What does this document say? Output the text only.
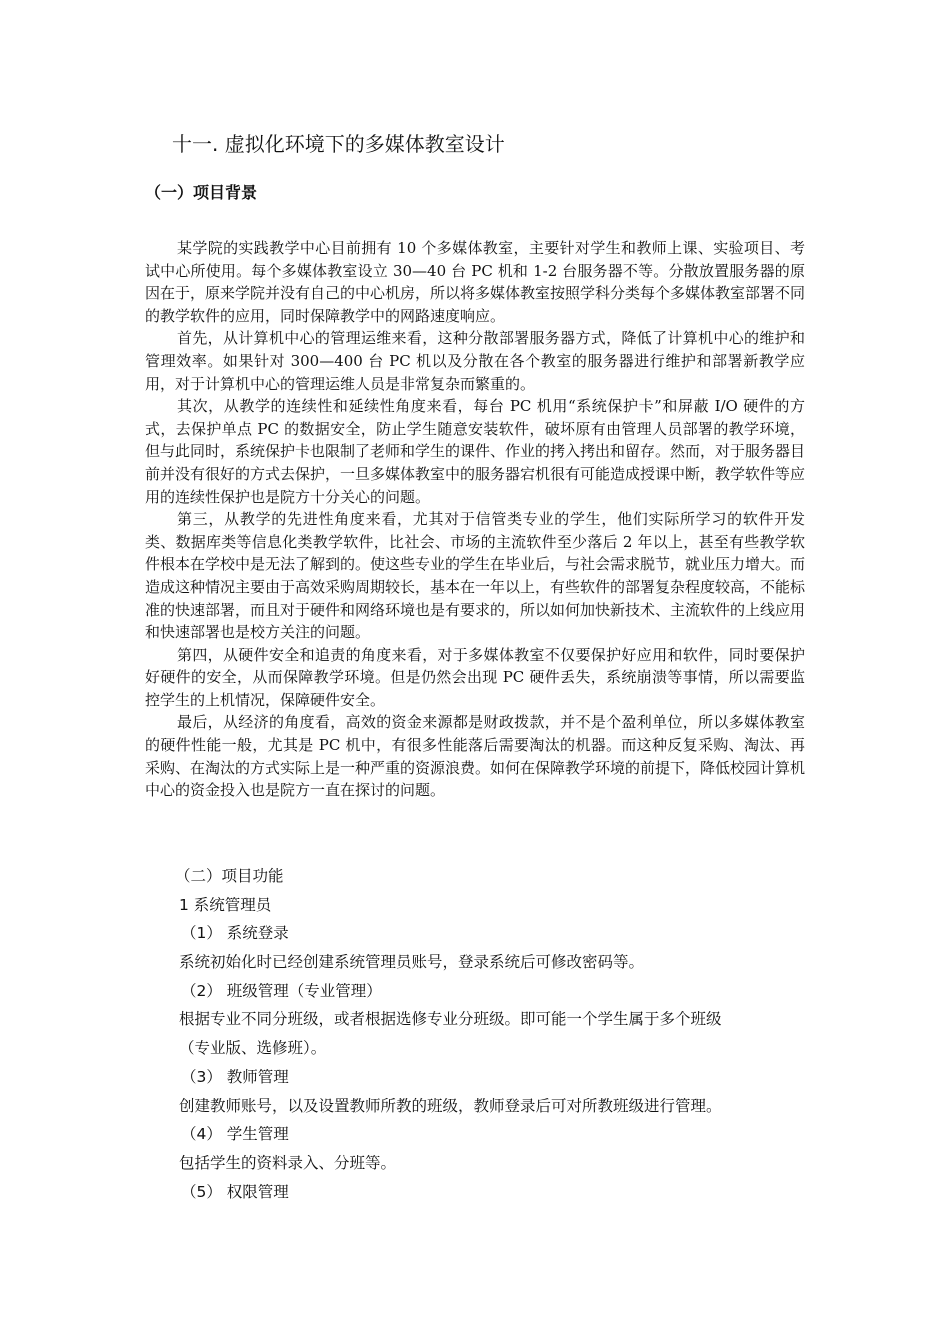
十一. 虚拟化环境下的多媒体教室设计
（一）项目背景

某学院的实践教学中心目前拥有 10 个多媒体教室，主要针对学生和教师上课、实验项目、考试中心所使用。每个多媒体教室设立 30—40 台 PC 机和 1-2 台服务器不等。分散放置服务器的原因在于，原来学院并没有自己的中心机房，所以将多媒体教室按照学科分类每个多媒体教室部署不同的教学软件的应用，同时保障教学中的网路速度响应。

首先，从计算机中心的管理运维来看，这种分散部署服务器方式，降低了计算机中心的维护和管理效率。如果针对 300—400 台 PC 机以及分散在各个教室的服务器进行维护和部署新教学应用，对于计算机中心的管理运维人员是非常复杂而繁重的。

其次，从教学的连续性和延续性角度来看，每台 PC 机用“系统保护卡”和屏蔽 I/O 硬件的方式，去保护单点 PC 的数据安全，防止学生随意安装软件，破坏原有由管理人员部署的教学环境，但与此同时，系统保护卡也限制了老师和学生的课件、作业的拷入拷出和留存。然而，对于服务器目前并没有很好的方式去保护，一旦多媒体教室中的服务器宕机很有可能造成授课中断，教学软件等应用的连续性保护也是院方十分关心的问题。

第三，从教学的先进性角度来看，尤其对于信管类专业的学生，他们实际所学习的软件开发类、数据库类等信息化类教学软件，比社会、市场的主流软件至少落后 2 年以上，甚至有些教学软件根本在学校中是无法了解到的。使这些专业的学生在毕业后，与社会需求脱节，就业压力增大。而造成这种情况主要由于高效采购周期较长，基本在一年以上，有些软件的部署复杂程度较高，不能标准的快速部署，而且对于硬件和网络环境也是有要求的，所以如何加快新技术、主流软件的上线应用和快速部署也是校方关注的问题。

第四，从硬件安全和追责的角度来看，对于多媒体教室不仅要保护好应用和软件，同时要保护好硬件的安全，从而保障教学环境。但是仍然会出现 PC 硬件丢失，系统崩溃等事情，所以需要监控学生的上机情况，保障硬件安全。

最后，从经济的角度看，高效的资金来源都是财政拨款，并不是个盈利单位，所以多媒体教室的硬件性能一般，尤其是 PC 机中，有很多性能落后需要淘汰的机器。而这种反复采购、淘汰、再采购、在淘汰的方式实际上是一种严重的资源浪费。如何在保障教学环境的前提下，降低校园计算机中心的资金投入也是院方一直在探讨的问题。

（二）项目功能
1 系统管理员
（1） 系统登录
系统初始化时已经创建系统管理员账号，登录系统后可修改密码等。
（2） 班级管理（专业管理）
根据专业不同分班级，或者根据选修专业分班级。即可能一个学生属于多个班级
（专业版、选修班）。
（3） 教师管理
创建教师账号，以及设置教师所教的班级，教师登录后可对所教班级进行管理。
（4） 学生管理
包括学生的资料录入、分班等。
（5） 权限管理
